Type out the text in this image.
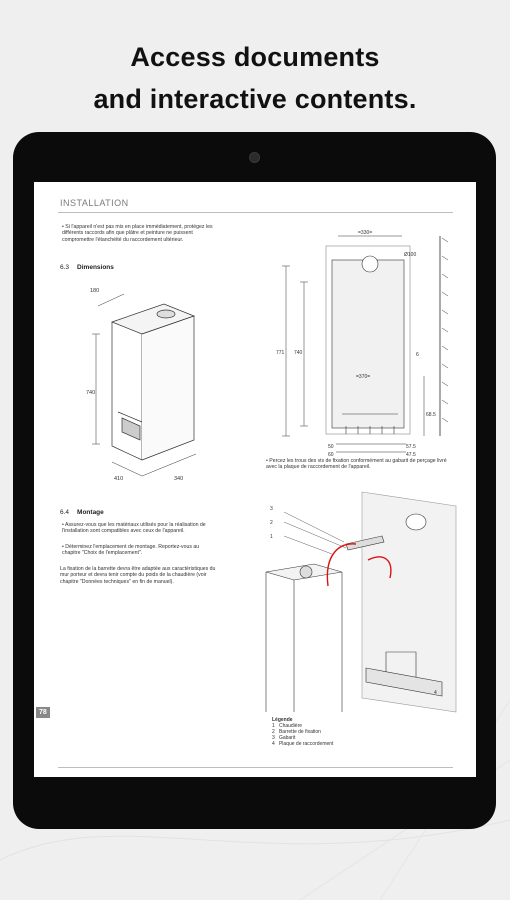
Access documents
and interactive contents.
INSTALLATION
• Si l'appareil n'est pas mis en place immédiatement, protégez les différents raccords afin que plâtre et peinture ne puissent compromettre l'étanchéité du raccordement ultérieur.
6.3 Dimensions
740
180
410	340
6.4 Montage
• Assurez-vous que les matériaux utilisés pour la réalisation de l'installation sont compatibles avec ceux de l'appareil.
• Déterminez l'emplacement de montage. Reportez-vous au chapitre "Choix de l'emplacement".
La fixation de la barrette devra être adaptée aux caractéristiques du mur porteur et devra tenir compte du poids de la chaudière (voir chapitre "Données techniques" en fin de manuel).
=330=
Ø100
771 740	6
=370=
68.5
50	57.5
60	47.5
• Percez les trous des vis de fixation conformément au gabarit de perçage livré avec la plaque de raccordement de l'appareil.
3
2
1
4
Légende
1 Chaudière
2 Barrette de fixation
3 Gabarit
4 Plaque de raccordement
78
